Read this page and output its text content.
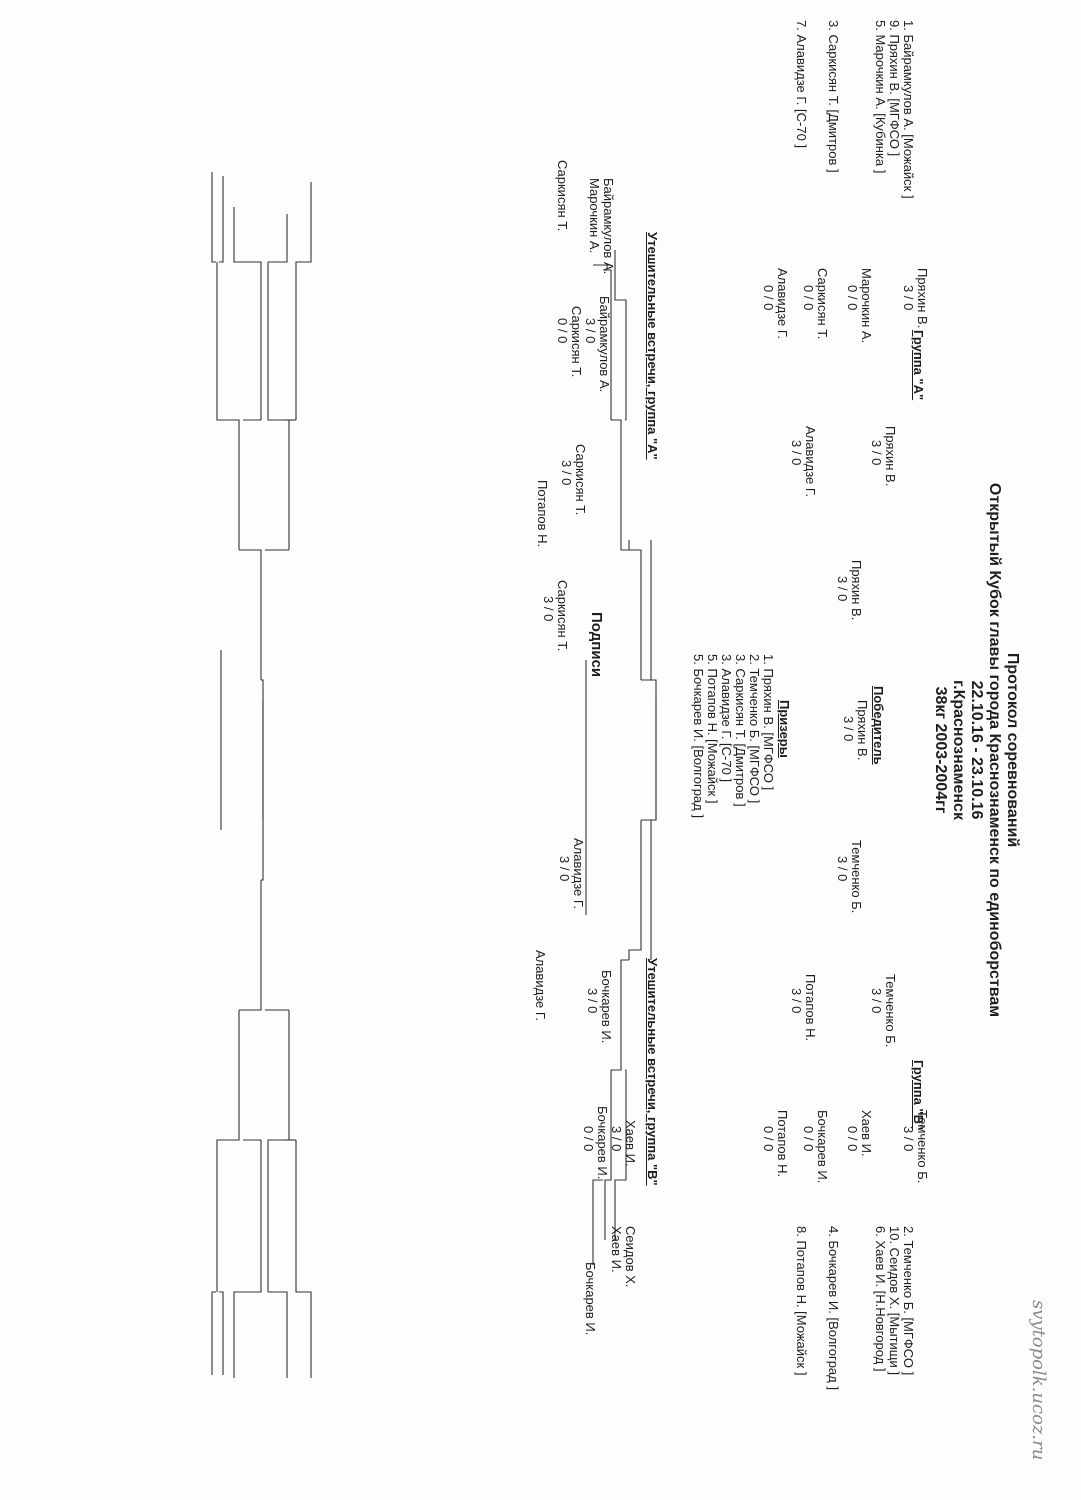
Протокол соревнований
Открытый Кубок главы города Краснознаменск по единоборствам
22.10.16 - 23.10.16
г.Краснознаменск
38кг 2003-2004гг
Группа "А"
Группа "В"
1. Байрамкулов А. [Можайск ]
9. Пряхин В. [МГФСО ]
5. Марочкин А. [Кубинка ]
3. Саркисян Т. [Дмитров ]
7. Алавидзе Г. [С-70 ]
Пряхин В.
3 / 0
Марочкин А.
0 / 0
Саркисян Т.
0 / 0
Алавидзе Г.
0 / 0
Пряхин В.
3 / 0
Алавидзе Г.
3 / 0
Пряхин В.
3 / 0
Победитель
Пряхин В.
3 / 0
Призеры
1. Пряхин В. [МГФСО ]
2. Темченко Б. [МГФСО ]
3. Саркисян Т. [Дмитров ]
3. Алавидзе Г. [С-70 ]
5. Потапов Н. [Можайск ]
5. Бочкарев И. [Волгоград ]
Темченко Б.
3 / 0
Темченко Б.
3 / 0
Потапов Н.
3 / 0
Темченко Б.
3 / 0
Хаев И.
0 / 0
Бочкарев И.
0 / 0
Потапов Н.
0 / 0
2. Темченко Б. [МГФСО ]
10. Сеидов Х. [Мытищи ]
6. Хаев И. [Н.Новгород ]
4. Бочкарев И. [Волгоград ]
8. Потапов Н. [Можайск ]
Утешительные встречи, группа "А"
Байрамкулов А.
Марочкин А.
Саркисян Т.
Байрамкулов А.
3 / 0
Саркисян Т.
0 / 0
Саркисян Т.
3 / 0
Потапов Н.
Саркисян Т.
3 / 0
Утешительные встречи, группа "В"
Сеидов Х.
Хаев И.
Бочкарев И.
Хаев И.
3 / 0
Бочкарев И.
0 / 0
Бочкарев И.
3 / 0
Алавидзе Г.
Алавидзе Г.
3 / 0
Подписи
svytopolk.ucoz.ru
